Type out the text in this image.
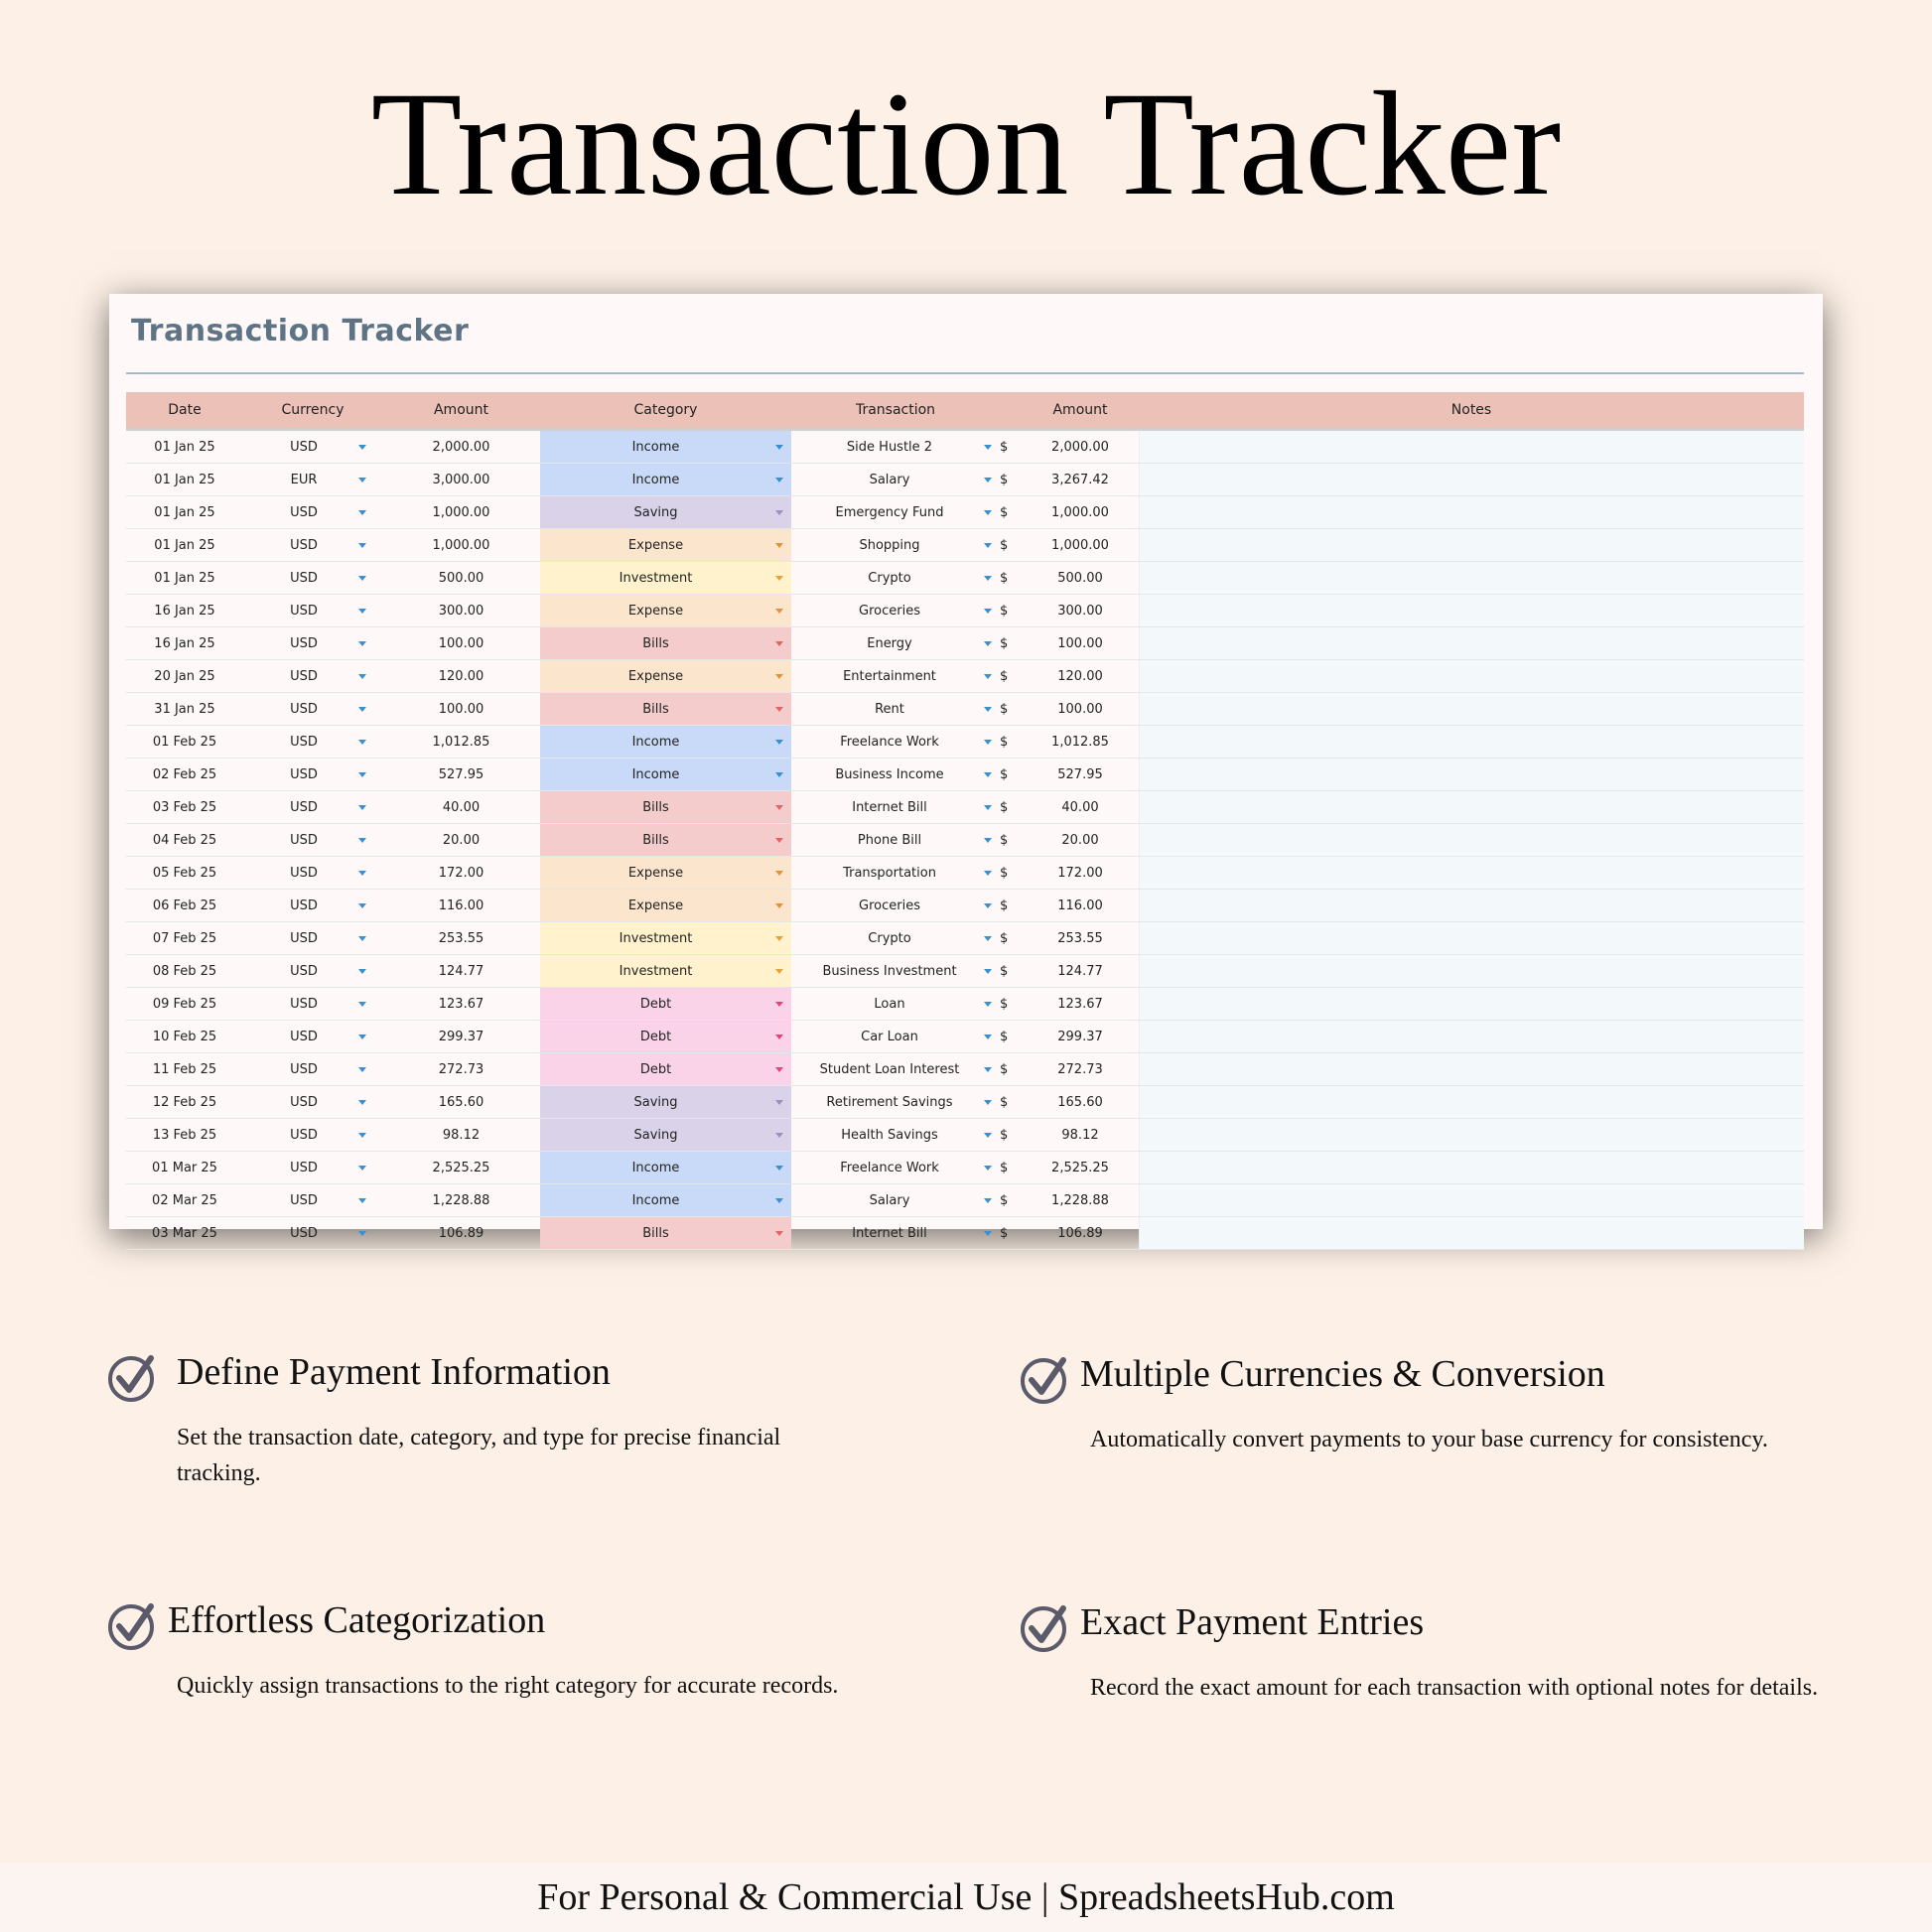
Transaction Tracker
Transaction Tracker
Date	Currency	Amount	Category	Transaction	Amount	Notes
01 Jan 25	USD	2,000.00	Income	Side Hustle 2	$	2,000.00
01 Jan 25	EUR	3,000.00	Income	Salary	$	3,267.42
01 Jan 25	USD	1,000.00	Saving	Emergency Fund	$	1,000.00
01 Jan 25	USD	1,000.00	Expense	Shopping	$	1,000.00
01 Jan 25	USD	500.00	Investment	Crypto	$	500.00
16 Jan 25	USD	300.00	Expense	Groceries	$	300.00
16 Jan 25	USD	100.00	Bills	Energy	$	100.00
20 Jan 25	USD	120.00	Expense	Entertainment	$	120.00
31 Jan 25	USD	100.00	Bills	Rent	$	100.00
01 Feb 25	USD	1,012.85	Income	Freelance Work	$	1,012.85
02 Feb 25	USD	527.95	Income	Business Income	$	527.95
03 Feb 25	USD	40.00	Bills	Internet Bill	$	40.00
04 Feb 25	USD	20.00	Bills	Phone Bill	$	20.00
05 Feb 25	USD	172.00	Expense	Transportation	$	172.00
06 Feb 25	USD	116.00	Expense	Groceries	$	116.00
07 Feb 25	USD	253.55	Investment	Crypto	$	253.55
08 Feb 25	USD	124.77	Investment	Business Investment	$	124.77
09 Feb 25	USD	123.67	Debt	Loan	$	123.67
10 Feb 25	USD	299.37	Debt	Car Loan	$	299.37
11 Feb 25	USD	272.73	Debt	Student Loan Interest	$	272.73
12 Feb 25	USD	165.60	Saving	Retirement Savings	$	165.60
13 Feb 25	USD	98.12	Saving	Health Savings	$	98.12
01 Mar 25	USD	2,525.25	Income	Freelance Work	$	2,525.25
02 Mar 25	USD	1,228.88	Income	Salary	$	1,228.88
03 Mar 25	USD	106.89	Bills	Internet Bill	$	106.89
Define Payment Information
Set the transaction date, category, and type for precise financial tracking.
Multiple Currencies & Conversion
Automatically convert payments to your base currency for consistency.
Effortless Categorization
Quickly assign transactions to the right category for accurate records.
Exact Payment Entries
Record the exact amount for each transaction with optional notes for details.
For Personal & Commercial Use | SpreadsheetsHub.com
